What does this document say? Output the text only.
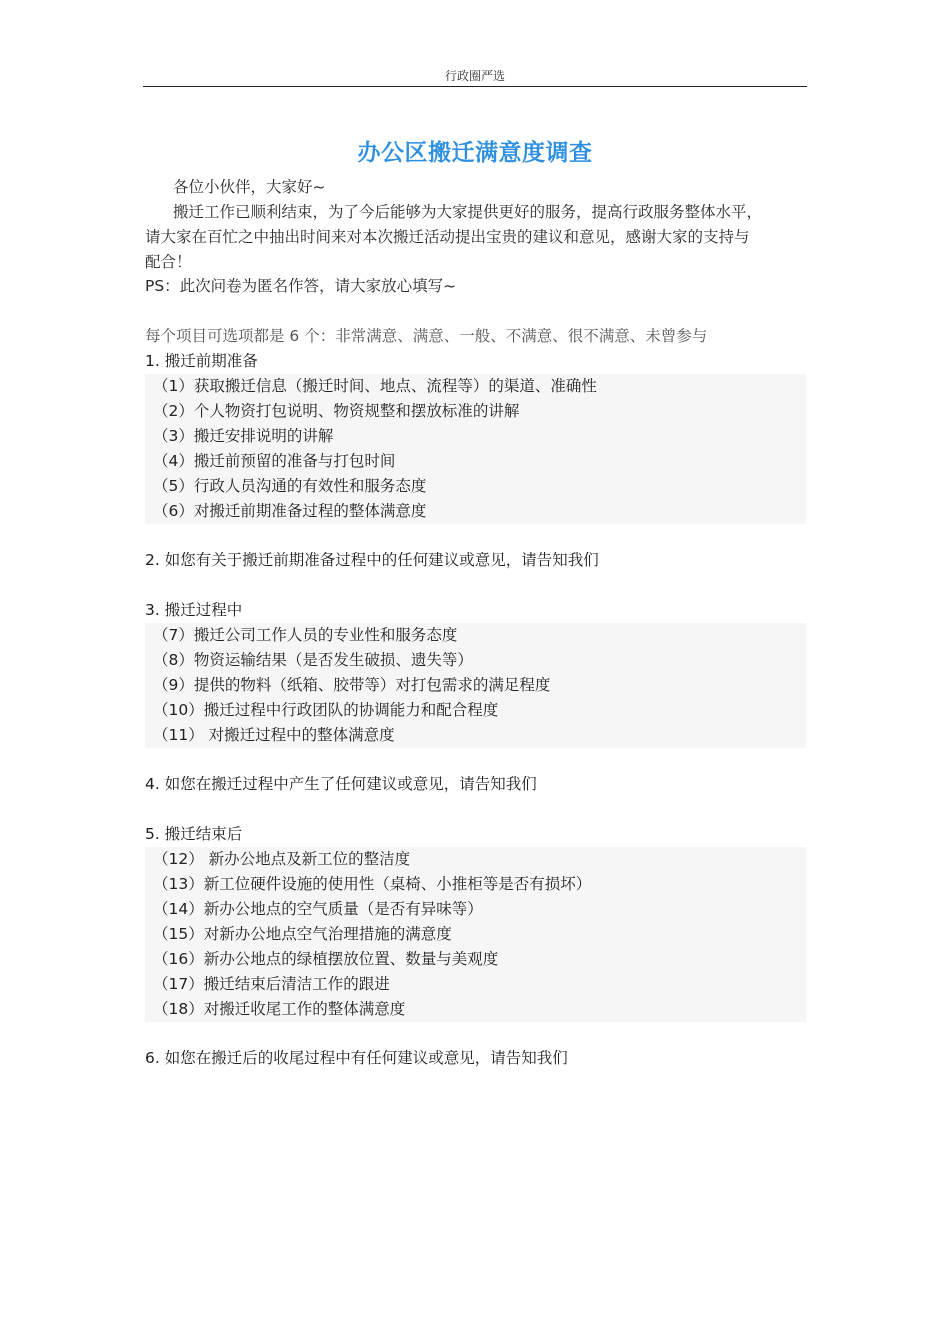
行政圈严选
办公区搬迁满意度调查
各位小伙伴，大家好~
搬迁工作已顺利结束，为了今后能够为大家提供更好的服务，提高行政服务整体水平，
请大家在百忙之中抽出时间来对本次搬迁活动提出宝贵的建议和意见，感谢大家的支持与
配合！
PS：此次问卷为匿名作答，请大家放心填写~
每个项目可选项都是 6 个：非常满意、满意、一般、不满意、很不满意、未曾参与
1. 搬迁前期准备
（1）获取搬迁信息（搬迁时间、地点、流程等）的渠道、准确性
（2）个人物资打包说明、物资规整和摆放标准的讲解
（3）搬迁安排说明的讲解
（4）搬迁前预留的准备与打包时间
（5）行政人员沟通的有效性和服务态度
（6）对搬迁前期准备过程的整体满意度
2. 如您有关于搬迁前期准备过程中的任何建议或意见，请告知我们
3. 搬迁过程中
（7）搬迁公司工作人员的专业性和服务态度
（8）物资运输结果（是否发生破损、遗失等）
（9）提供的物料（纸箱、胶带等）对打包需求的满足程度
（10）搬迁过程中行政团队的协调能力和配合程度
（11） 对搬迁过程中的整体满意度
4. 如您在搬迁过程中产生了任何建议或意见，请告知我们
5. 搬迁结束后
（12） 新办公地点及新工位的整洁度
（13）新工位硬件设施的使用性（桌椅、小推柜等是否有损坏）
（14）新办公地点的空气质量（是否有异味等）
（15）对新办公地点空气治理措施的满意度
（16）新办公地点的绿植摆放位置、数量与美观度
（17）搬迁结束后清洁工作的跟进
（18）对搬迁收尾工作的整体满意度
6. 如您在搬迁后的收尾过程中有任何建议或意见，请告知我们
